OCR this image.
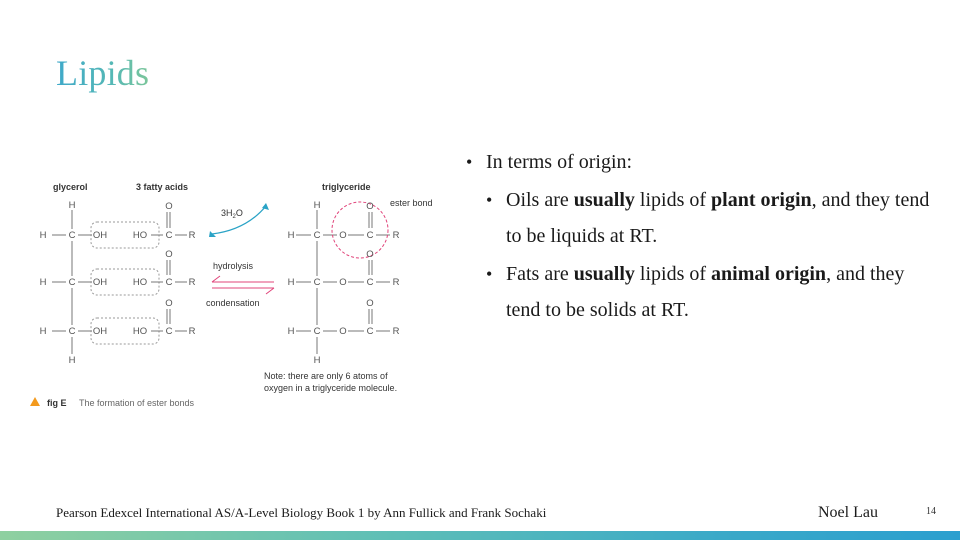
Lipids
glycerol	3 fatty acids	triglyceride
ester bond
$3H_2O$
hydrolysis
condensation
Note: there are only 6 atoms of
oxygen in a triglyceride molecule.
H
H C OH
H C OH
H C OH
H
HO C
O
R
HO C
O
R
HO C
O
R
H
H C O C
O
R
H C O C
O
R
H C O C
O
R
H
fig E The formation of ester bonds
• In terms of origin:
• Oils are usually lipids of plant origin, and they tend to be liquids at RT.
• Fats are usually lipids of animal origin, and they tend to be solids at RT.
Pearson Edexcel International AS/A-Level Biology Book 1 by Ann Fullick and Frank Sochaki	Noel Lau	14
